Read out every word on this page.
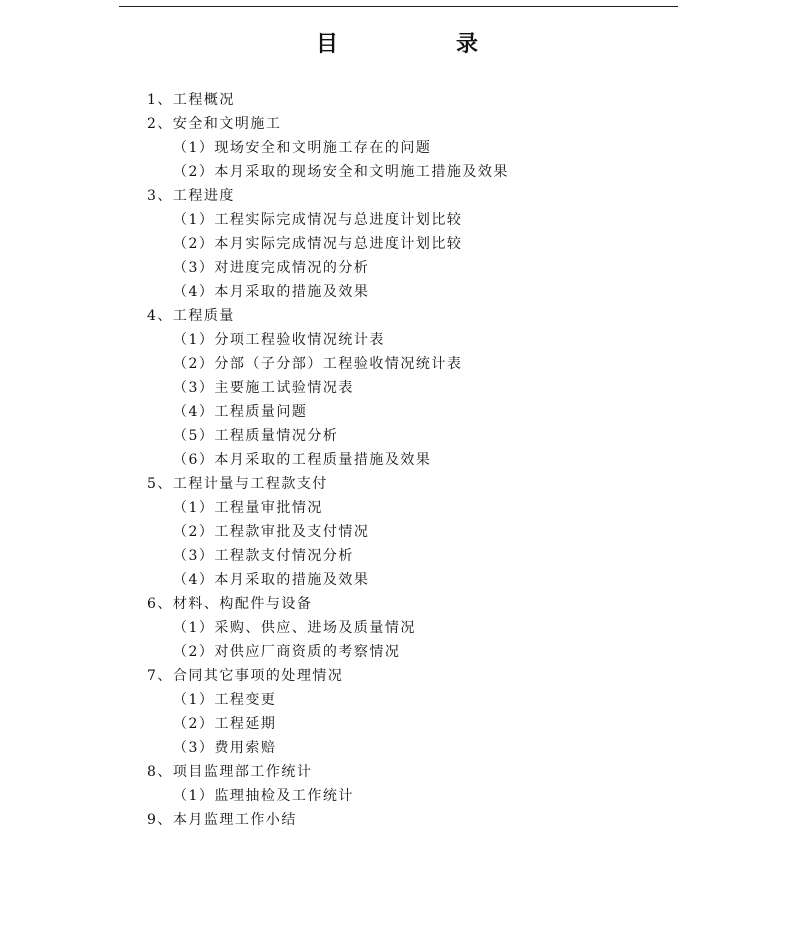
目　录
1、工程概况
2、安全和文明施工
（1）现场安全和文明施工存在的问题
（2）本月采取的现场安全和文明施工措施及效果
3、工程进度
（1）工程实际完成情况与总进度计划比较
（2）本月实际完成情况与总进度计划比较
（3）对进度完成情况的分析
（4）本月采取的措施及效果
4、工程质量
（1）分项工程验收情况统计表
（2）分部（子分部）工程验收情况统计表
（3）主要施工试验情况表
（4）工程质量问题
（5）工程质量情况分析
（6）本月采取的工程质量措施及效果
5、工程计量与工程款支付
（1）工程量审批情况
（2）工程款审批及支付情况
（3）工程款支付情况分析
（4）本月采取的措施及效果
6、材料、构配件与设备
（1）采购、供应、进场及质量情况
（2）对供应厂商资质的考察情况
7、合同其它事项的处理情况
（1）工程变更
（2）工程延期
（3）费用索赔
8、项目监理部工作统计
（1）监理抽检及工作统计
9、本月监理工作小结
